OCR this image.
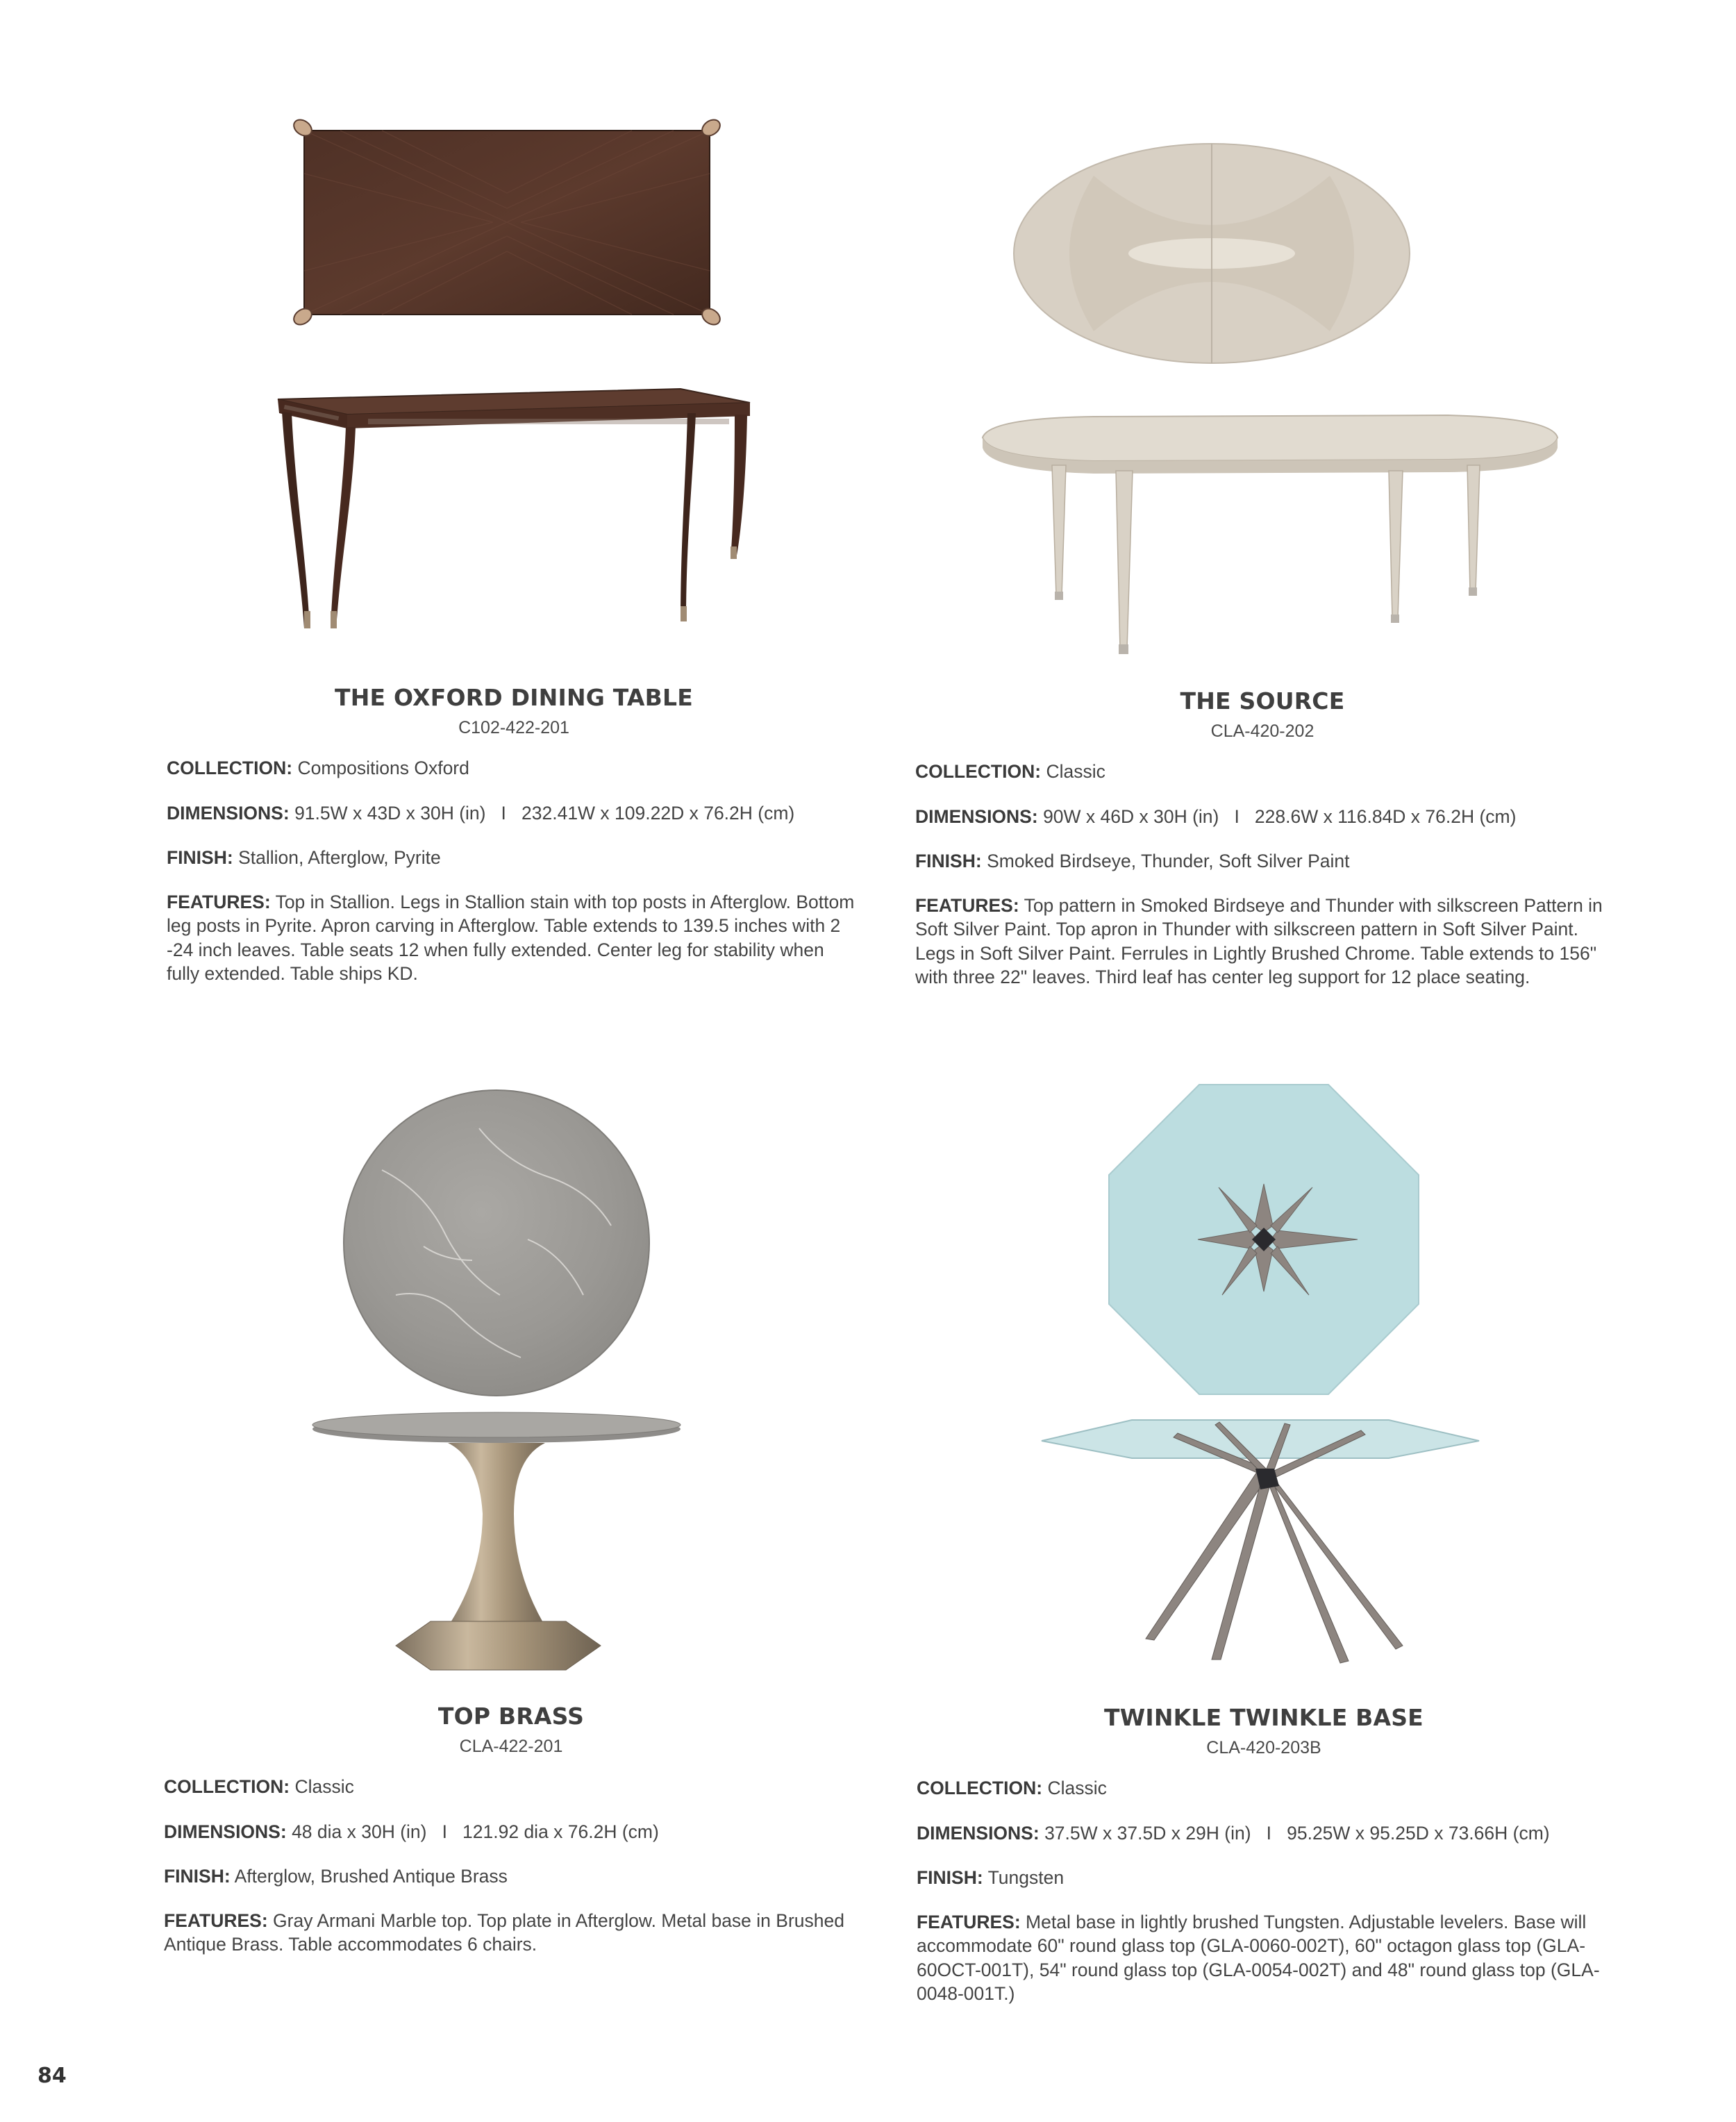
THE OXFORD DINING TABLE
C102-422-201

COLLECTION: Compositions Oxford

DIMENSIONS: 91.5W x 43D x 30H (in)   I   232.41W x 109.22D x 76.2H (cm)

FINISH: Stallion, Afterglow, Pyrite

FEATURES: Top in Stallion. Legs in Stallion stain with top posts in Afterglow. Bottom leg posts in Pyrite. Apron carving in Afterglow. Table extends to 139.5 inches with 2 -24 inch leaves. Table seats 12 when fully extended. Center leg for stability when fully extended. Table ships KD.

THE SOURCE
CLA-420-202

COLLECTION: Classic

DIMENSIONS: 90W x 46D x 30H (in)   I   228.6W x 116.84D x 76.2H (cm)

FINISH: Smoked Birdseye, Thunder, Soft Silver Paint

FEATURES: Top pattern in Smoked Birdseye and Thunder with silkscreen Pattern in Soft Silver Paint. Top apron in Thunder with silkscreen pattern in Soft Silver Paint. Legs in Soft Silver Paint. Ferrules in Lightly Brushed Chrome. Table extends to 156" with three 22" leaves. Third leaf has center leg support for 12 place seating.

TOP BRASS
CLA-422-201

COLLECTION: Classic

DIMENSIONS: 48 dia x 30H (in)   I   121.92 dia x 76.2H (cm)

FINISH: Afterglow, Brushed Antique Brass

FEATURES: Gray Armani Marble top. Top plate in Afterglow. Metal base in Brushed Antique Brass. Table accommodates 6 chairs.

TWINKLE TWINKLE BASE
CLA-420-203B

COLLECTION: Classic

DIMENSIONS: 37.5W x 37.5D x 29H (in)   I   95.25W x 95.25D x 73.66H (cm)

FINISH: Tungsten

FEATURES: Metal base in lightly brushed Tungsten. Adjustable levelers. Base will accommodate 60" round glass top (GLA-0060-002T), 60" octagon glass top (GLA-60OCT-001T), 54" round glass top (GLA-0054-002T) and 48" round glass top (GLA-0048-001T.)

84
